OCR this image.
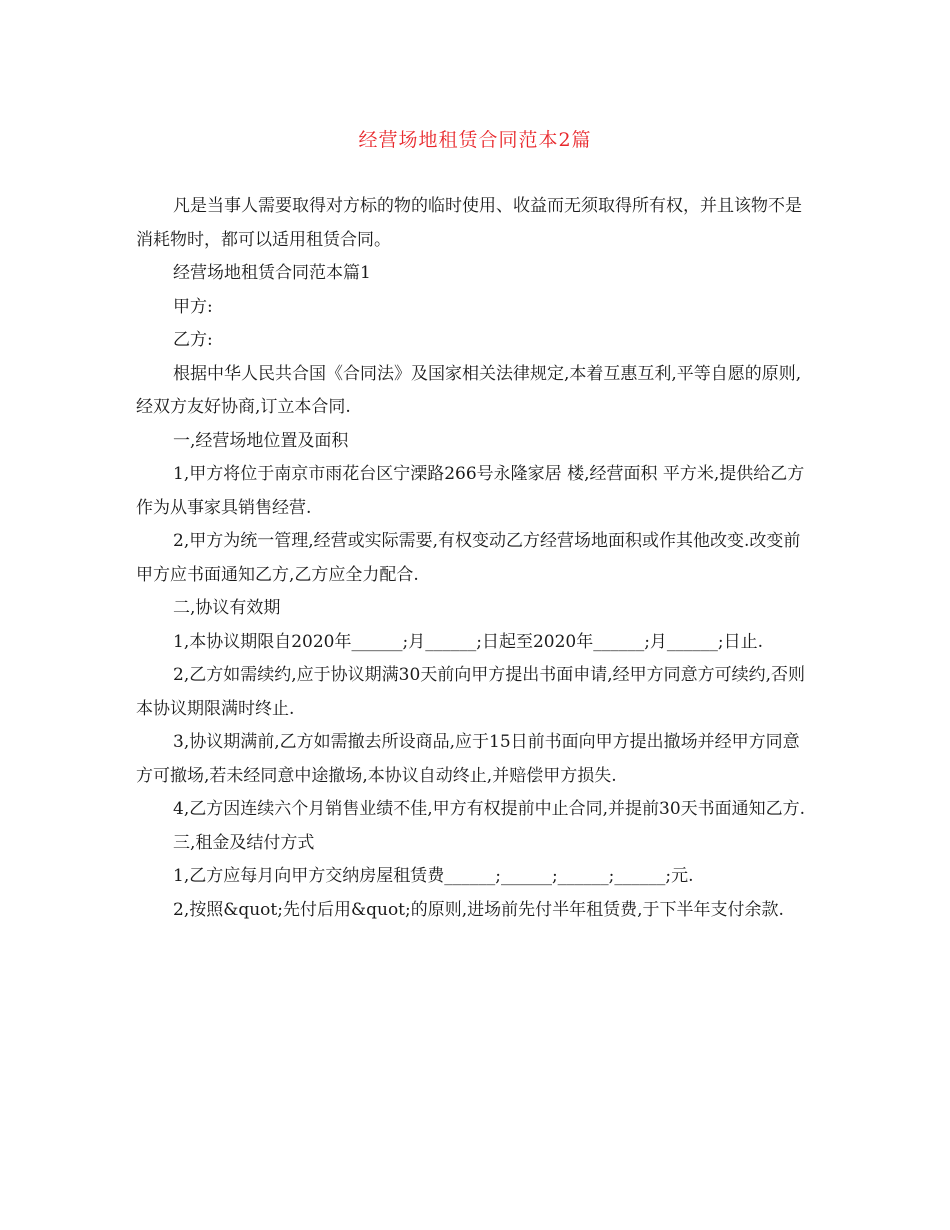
经营场地租赁合同范本2篇

凡是当事人需要取得对方标的物的临时使用、收益而无须取得所有权，并且该物不是消耗物时，都可以适用租赁合同。

经营场地租赁合同范本篇1

甲方:

乙方:

根据中华人民共合国《合同法》及国家相关法律规定,本着互惠互利,平等自愿的原则,经双方友好协商,订立本合同.

一,经营场地位置及面积

1,甲方将位于南京市雨花台区宁溧路266号永隆家居 楼,经营面积 平方米,提供给乙方作为从事家具销售经营.

2,甲方为统一管理,经营或实际需要,有权变动乙方经营场地面积或作其他改变.改变前甲方应书面通知乙方,乙方应全力配合.

二,协议有效期

1,本协议期限自2020年______;月______;日起至2020年______;月______;日止.

2,乙方如需续约,应于协议期满30天前向甲方提出书面申请,经甲方同意方可续约,否则本协议期限满时终止.

3,协议期满前,乙方如需撤去所设商品,应于15日前书面向甲方提出撤场并经甲方同意方可撤场,若未经同意中途撤场,本协议自动终止,并赔偿甲方损失.

4,乙方因连续六个月销售业绩不佳,甲方有权提前中止合同,并提前30天书面通知乙方.

三,租金及结付方式

1,乙方应每月向甲方交纳房屋租赁费______;______;______;______;元.

2,按照&quot;先付后用&quot;的原则,进场前先付半年租赁费,于下半年支付余款.
